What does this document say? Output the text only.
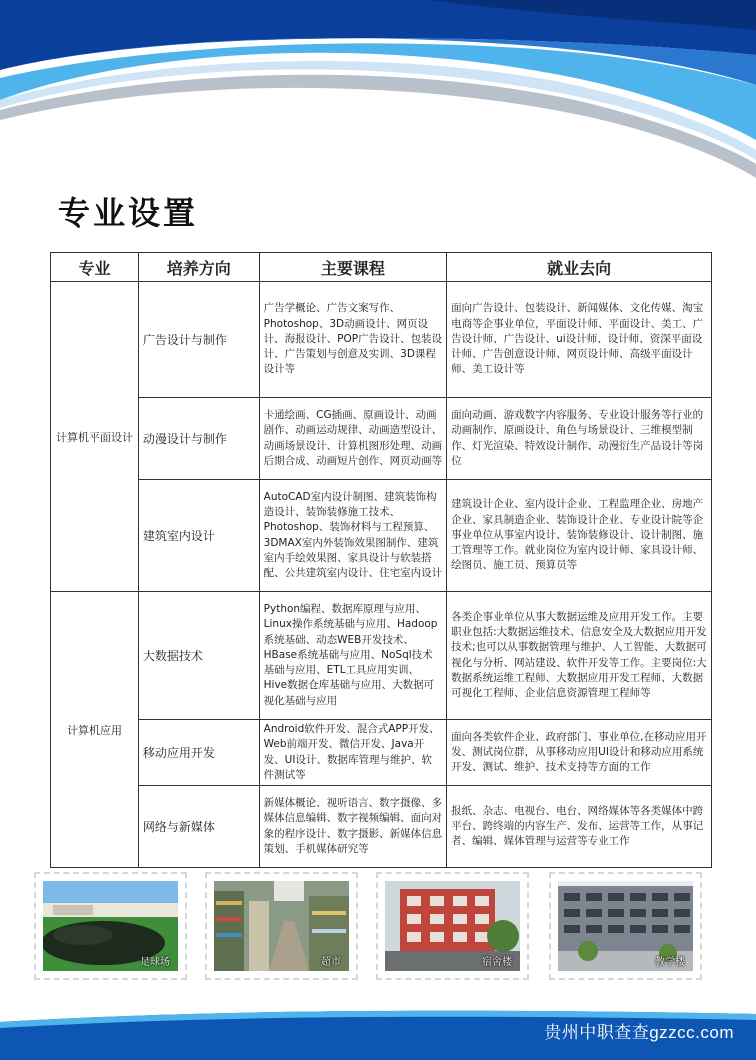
专业设置
专业	培养方向	主要课程	就业去向
计算机平面设计	广告设计与制作	广告学概论、广告文案写作、Photoshop、3D动画设计、网页设计、海报设计、POP广告设计、包装设计、广告策划与创意及实训、3D课程设计等	面向广告设计、包装设计、新闻媒体、文化传媒、淘宝电商等企事业单位，平面设计师、平面设计、美工、广告设计师、广告设计、ui设计师、设计师、资深平面设计师、广告创意设计师、网页设计师、高级平面设计师、美工设计等
	动漫设计与制作	卡通绘画、CG插画、原画设计、动画剧作、动画运动规律、动画造型设计、动画场景设计、计算机图形处理、动画后期合成、动画短片创作、网页动画等	面向动画、游戏数字内容服务、专业设计服务等行业的动画制作、原画设计、角色与场景设计、三维模型制作、灯光渲染、特效设计制作、动漫衍生产品设计等岗位
	建筑室内设计	AutoCAD室内设计制图、建筑装饰构造设计、装饰装修施工技术、Photoshop、装饰材料与工程预算、3DMAX室内外装饰效果图制作、建筑室内手绘效果图、家具设计与软装搭配、公共建筑室内设计、住宅室内设计	建筑设计企业、室内设计企业、工程监理企业、房地产企业、家具制造企业、装饰设计企业、专业设计院等企事业单位从事室内设计、装饰装修设计、设计制图、施工管理等工作。就业岗位为室内设计师、家具设计师、绘图员、施工员、预算员等
计算机应用	大数据技术	Python编程、数据库原理与应用、Linux操作系统基础与应用、Hadoop系统基础、动态WEB开发技术、HBase系统基础与应用、NoSql技术基础与应用、ETL工具应用实训、Hive数据仓库基础与应用、大数据可视化基础与应用	各类企事业单位从事大数据运维及应用开发工作。主要职业包括:大数据运维技术、信息安全及大数据应用开发技术;也可以从事数据管理与维护、人工智能、大数据可视化与分析、网站建设、软件开发等工作。主要岗位:大数据系统运维工程师、大数据应用开发工程师、大数据可视化工程师、企业信息资源管理工程师等
	移动应用开发	Android软件开发、混合式APP开发、Web前端开发、微信开发、Java开发、UI设计、数据库管理与维护、软件测试等	面向各类软件企业、政府部门、事业单位,在移动应用开发、测试岗位群，从事移动应用UI设计和移动应用系统开发、测试、维护、技术支持等方面的工作
	网络与新媒体	新媒体概论、视听语言、数字摄像、多媒体信息编辑、数字视频编辑、面向对象的程序设计、数字摄影、新媒体信息策划、手机媒体研究等	报纸、杂志、电视台、电台、网络媒体等各类媒体中跨平台、跨终端的内容生产、发布、运营等工作，从事记者、编辑、媒体管理与运营等专业工作
足球场	超市	宿舍楼	教学楼
贵州中职查查gzzcc.com
